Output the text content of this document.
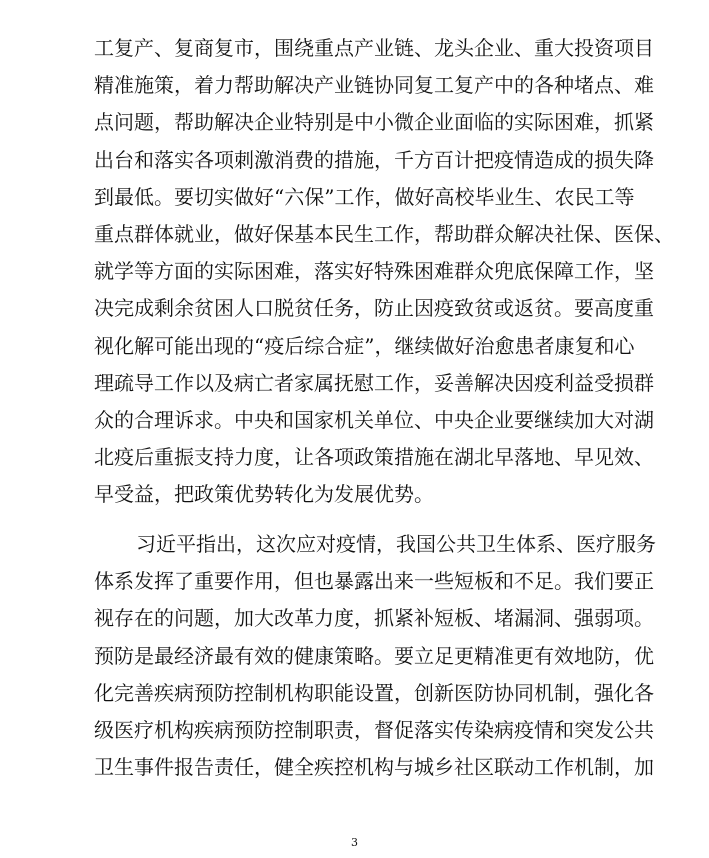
工复产、复商复市，围绕重点产业链、龙头企业、重大投资项目
精准施策，着力帮助解决产业链协同复工复产中的各种堵点、难
点问题，帮助解决企业特别是中小微企业面临的实际困难，抓紧
出台和落实各项刺激消费的措施，千方百计把疫情造成的损失降
到最低。要切实做好“六保”工作，做好高校毕业生、农民工等
重点群体就业，做好保基本民生工作，帮助群众解决社保、医保、
就学等方面的实际困难，落实好特殊困难群众兜底保障工作，坚
决完成剩余贫困人口脱贫任务，防止因疫致贫或返贫。要高度重
视化解可能出现的“疫后综合症”，继续做好治愈患者康复和心
理疏导工作以及病亡者家属抚慰工作，妥善解决因疫利益受损群
众的合理诉求。中央和国家机关单位、中央企业要继续加大对湖
北疫后重振支持力度，让各项政策措施在湖北早落地、早见效、
早受益，把政策优势转化为发展优势。
习近平指出，这次应对疫情，我国公共卫生体系、医疗服务
体系发挥了重要作用，但也暴露出来一些短板和不足。我们要正
视存在的问题，加大改革力度，抓紧补短板、堵漏洞、强弱项。
预防是最经济最有效的健康策略。要立足更精准更有效地防，优
化完善疾病预防控制机构职能设置，创新医防协同机制，强化各
级医疗机构疾病预防控制职责，督促落实传染病疫情和突发公共
卫生事件报告责任，健全疾控机构与城乡社区联动工作机制，加
3
